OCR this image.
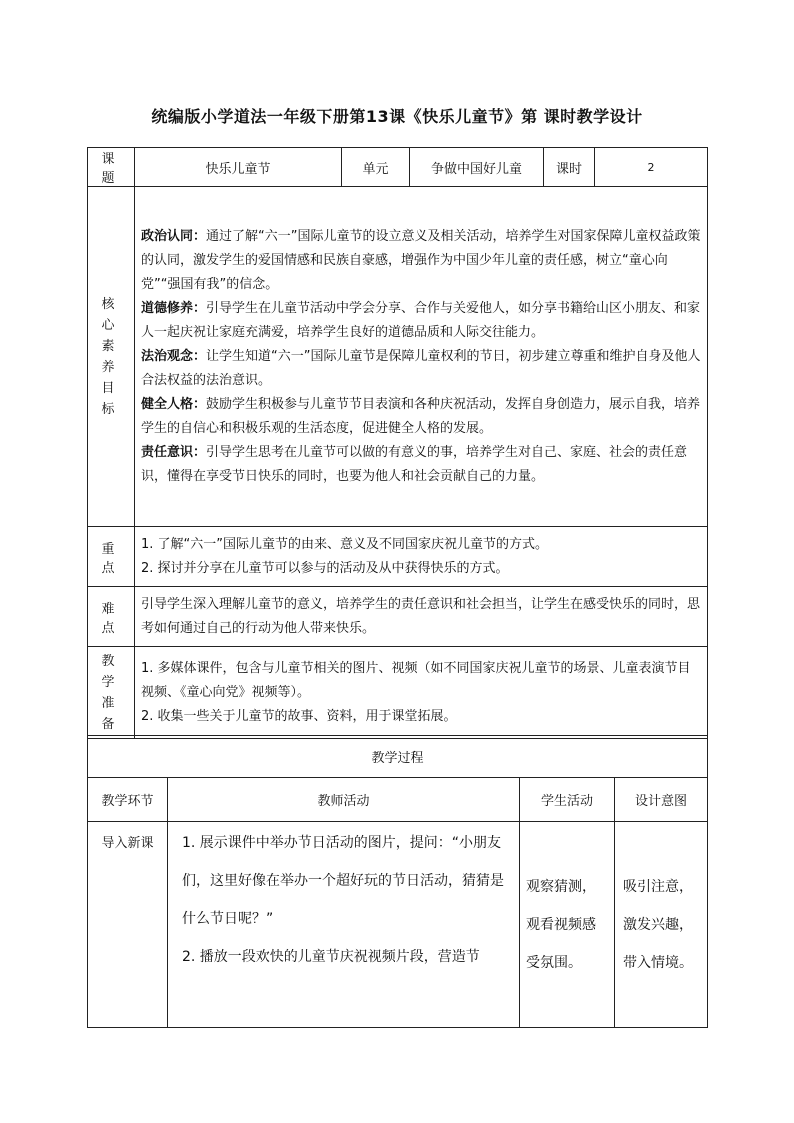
统编版小学道法一年级下册第13课《快乐儿童节》第 课时教学设计
课 题	快乐儿童节	单元	争做中国好儿童	课时	2
核 心 素 养 目 标	政治认同：通过了解“六一”国际儿童节的设立意义及相关活动，培养学生对国家保障儿童权益政策的认同，激发学生的爱国情感和民族自豪感，增强作为中国少年儿童的责任感，树立“童心向党”“强国有我”的信念。

道德修养：引导学生在儿童节活动中学会分享、合作与关爱他人，如分享书籍给山区小朋友、和家人一起庆祝让家庭充满爱，培养学生良好的道德品质和人际交往能力。

法治观念：让学生知道“六一”国际儿童节是保障儿童权利的节日，初步建立尊重和维护自身及他人合法权益的法治意识。

健全人格：鼓励学生积极参与儿童节节目表演和各种庆祝活动，发挥自身创造力，展示自我，培养学生的自信心和积极乐观的生活态度，促进健全人格的发展。

责任意识：引导学生思考在儿童节可以做的有意义的事，培养学生对自己、家庭、社会的责任意识，懂得在享受节日快乐的同时，也要为他人和社会贡献自己的力量。				

重 点	1. 了解“六一”国际儿童节的由来、意义及不同国家庆祝儿童节的方式。

2. 探讨并分享在儿童节可以参与的活动及从中获得快乐的方式。				

难 点	引导学生深入理解儿童节的意义，培养学生的责任意识和社会担当，让学生在感受快乐的同时，思考如何通过自己的行动为他人带来快乐。				

教 学 准 备	1. 多媒体课件，包含与儿童节相关的图片、视频（如不同国家庆祝儿童节的场景、儿童表演节目视频、《童心向党》视频等）。

2. 收集一些关于儿童节的故事、资料，用于课堂拓展。				

教学过程			
教学环节	教师活动	学生活动	设计意图
导入新课	1. 展示课件中举办节日活动的图片，提问：“小朋友们，这里好像在举办一个超好玩的节日活动，猜猜是什么节日呢？”
2. 播放一段欢快的儿童节庆祝视频片段，营造节	观察猜测，观看视频感受氛围。	吸引注意，激发兴趣，带入情境。
